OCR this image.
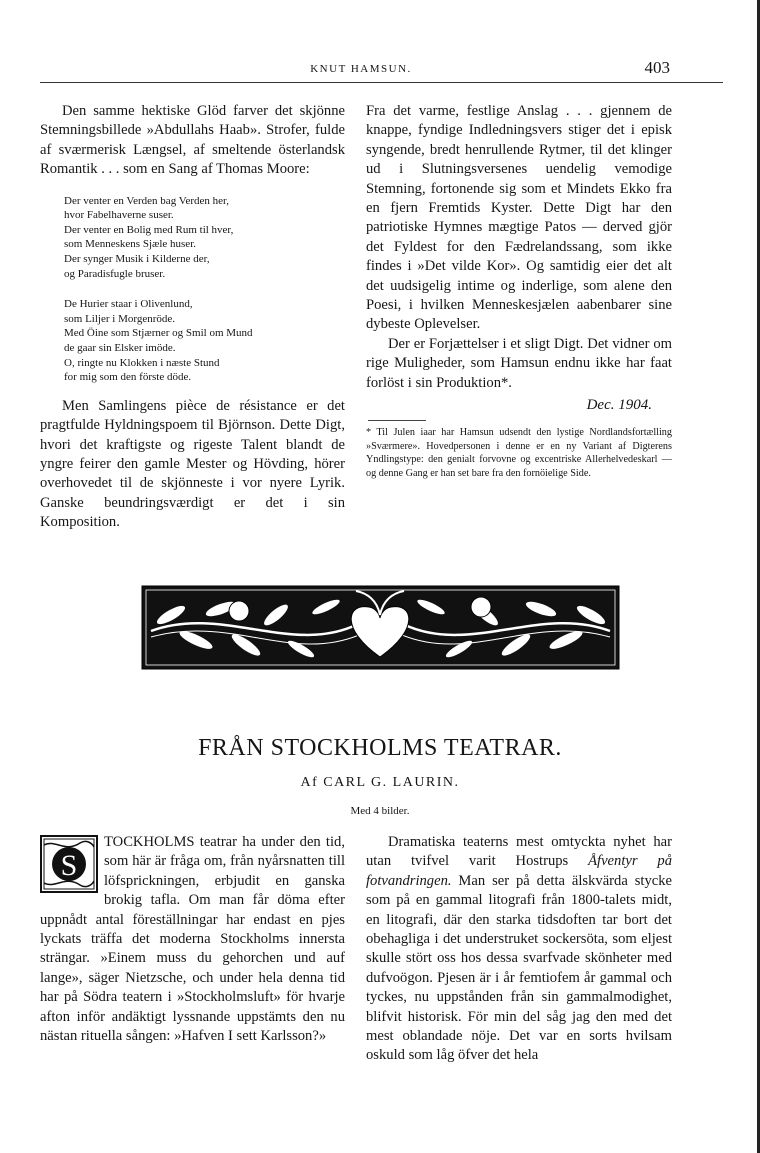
KNUT HAMSUN.	403

Den samme hektiske Glöd farver det skjönne Stemningsbillede »Abdullahs Haab». Strofer, fulde af sværmerisk Længsel, af smeltende österlandsk Romantik . . . som en Sang af Thomas Moore:

Der venter en Verden bag Verden her,
hvor Fabelhaverne suser.
Der venter en Bolig med Rum til hver,
som Menneskens Sjæle huser.
Der synger Musik i Kilderne der,
og Paradisfugle bruser.
De Hurier staar i Olivenlund,
som Liljer i Morgenröde.
Med Öine som Stjærner og Smil om Mund
de gaar sin Elsker imöde.
O, ringte nu Klokken i næste Stund
for mig som den förste döde.

Men Samlingens pièce de résistance er det pragtfulde Hyldningspoem til Björnson. Dette Digt, hvori det kraftigste og rigeste Talent blandt de yngre feirer den gamle Mester og Hövding, hörer overhovedet til de skjönneste i vor nyere Lyrik. Ganske beundringsværdigt er det i sin Komposition.

Fra det varme, festlige Anslag . . . gjennem de knappe, fyndige Indledningsvers stiger det i episk syngende, bredt henrullende Rytmer, til det klinger ud i Slutningsversenes uendelig vemodige Stemning, fortonende sig som et Mindets Ekko fra en fjern Fremtids Kyster. Dette Digt har den patriotiske Hymnes mægtige Patos — derved gjör det Fyldest for den Fædrelandssang, som ikke findes i »Det vilde Kor». Og samtidig eier det alt det uudsigelig intime og inderlige, som alene den Poesi, i hvilken Menneskesjælen aabenbarer sine dybeste Oplevelser.

Der er Forjættelser i et sligt Digt. Det vidner om rige Muligheder, som Hamsun endnu ikke har faat forlöst i sin Produktion*.

Dec. 1904.

* Til Julen iaar har Hamsun udsendt den lystige Nordlandsfortælling »Sværmere». Hovedpersonen i denne er en ny Variant af Digterens Yndlingstype: den genialt forvovne og excentriske Allerhelvedeskarl — og denne Gang er han set bare fra den fornöielige Side.

FRÅN STOCKHOLMS TEATRAR.
Af CARL G. LAURIN.
Med 4 bilder.
S

TOCKHOLMS teatrar ha under den tid, som här är fråga om, från nyårsnatten till löfsprickningen, erbjudit en ganska brokig tafla. Om man får döma efter uppnådt antal föreställningar har endast en pjes lyckats träffa det moderna Stockholms innersta strängar. »Einem muss du gehorchen und auf lange», säger Nietzsche, och under hela denna tid har på Södra teatern i »Stockholmsluft» för hvarje afton inför andäktigt lyssnande uppstämts den nu nästan rituella sången: »Hafven I sett Karlsson?»

Dramatiska teaterns mest omtyckta nyhet har utan tvifvel varit Hostrups Åfventyr på fotvandringen. Man ser på detta älskvärda stycke som på en gammal litografi från 1800-talets midt, en litografi, där den starka tidsdoften tar bort det obehagliga i det understruket sockersöta, som eljest skulle stört oss hos dessa svarfvade skönheter med dufvoögon. Pjesen är i år femtiofem år gammal och tyckes, nu uppstånden från sin gammalmodighet, blifvit historisk. För min del såg jag den med det mest oblandade nöje. Det var en sorts hvilsam oskuld som låg öfver det hela
